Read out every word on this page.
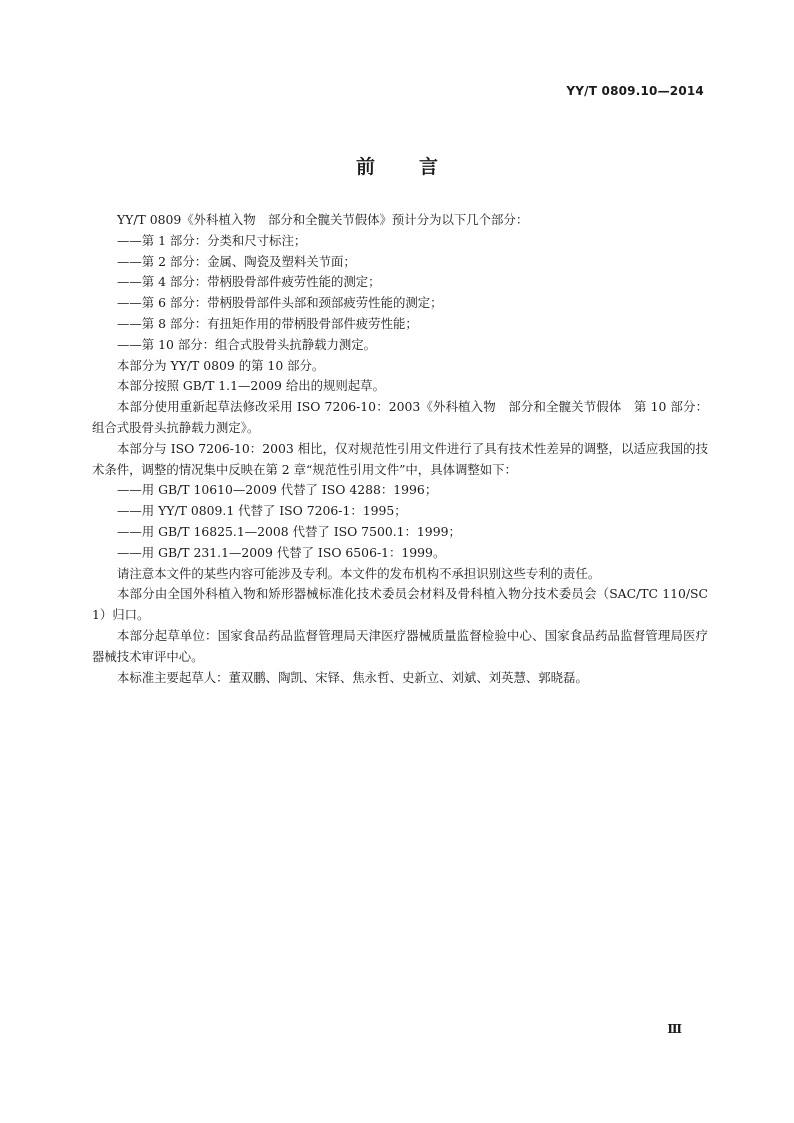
YY/T 0809.10—2014
前言

YY/T 0809《外科植入物　部分和全髋关节假体》预计分为以下几个部分：

——第 1 部分：分类和尺寸标注；

——第 2 部分：金属、陶瓷及塑料关节面；

——第 4 部分：带柄股骨部件疲劳性能的测定；

——第 6 部分：带柄股骨部件头部和颈部疲劳性能的测定；

——第 8 部分：有扭矩作用的带柄股骨部件疲劳性能；

——第 10 部分：组合式股骨头抗静载力测定。

本部分为 YY/T 0809 的第 10 部分。

本部分按照 GB/T 1.1—2009 给出的规则起草。

本部分使用重新起草法修改采用 ISO 7206-10：2003《外科植入物　部分和全髋关节假体　第 10 部分：组合式股骨头抗静载力测定》。

本部分与 ISO 7206-10：2003 相比，仅对规范性引用文件进行了具有技术性差异的调整，以适应我国的技术条件，调整的情况集中反映在第 2 章“规范性引用文件”中，具体调整如下：

——用 GB/T 10610—2009 代替了 ISO 4288：1996；

——用 YY/T 0809.1 代替了 ISO 7206-1：1995；

——用 GB/T 16825.1—2008 代替了 ISO 7500.1：1999；

——用 GB/T 231.1—2009 代替了 ISO 6506-1：1999。

请注意本文件的某些内容可能涉及专利。本文件的发布机构不承担识别这些专利的责任。

本部分由全国外科植入物和矫形器械标准化技术委员会材料及骨科植入物分技术委员会（SAC/TC 110/SC 1）归口。

本部分起草单位：国家食品药品监督管理局天津医疗器械质量监督检验中心、国家食品药品监督管理局医疗器械技术审评中心。

本标准主要起草人：董双鹏、陶凯、宋铎、焦永哲、史新立、刘斌、刘英慧、郭晓磊。

Ⅲ
